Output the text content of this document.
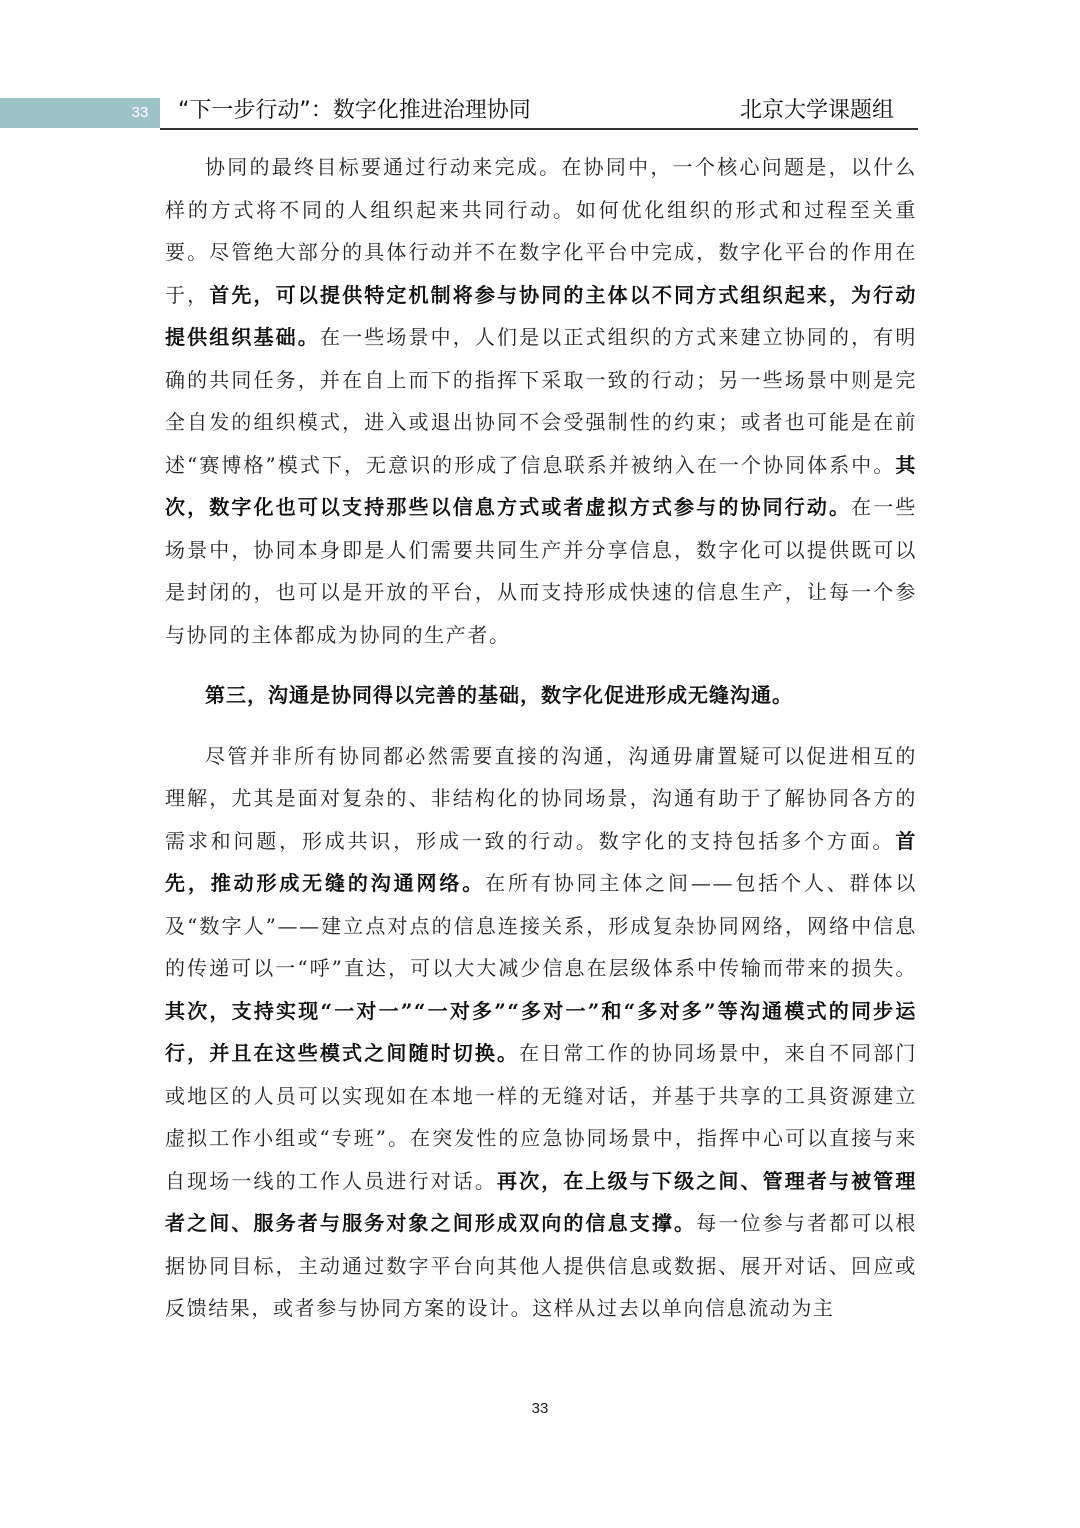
33	“下一步行动”：数字化推进治理协同	北京大学课题组

协同的最终目标要通过行动来完成。在协同中，一个核心问题是，以什么样的方式将不同的人组织起来共同行动。如何优化组织的形式和过程至关重要。尽管绝大部分的具体行动并不在数字化平台中完成，数字化平台的作用在于，首先，可以提供特定机制将参与协同的主体以不同方式组织起来，为行动提供组织基础。在一些场景中，人们是以正式组织的方式来建立协同的，有明确的共同任务，并在自上而下的指挥下采取一致的行动；另一些场景中则是完全自发的组织模式，进入或退出协同不会受强制性的约束；或者也可能是在前述“赛博格”模式下，无意识的形成了信息联系并被纳入在一个协同体系中。其次，数字化也可以支持那些以信息方式或者虚拟方式参与的协同行动。在一些场景中，协同本身即是人们需要共同生产并分享信息，数字化可以提供既可以是封闭的，也可以是开放的平台，从而支持形成快速的信息生产，让每一个参与协同的主体都成为协同的生产者。

第三，沟通是协同得以完善的基础，数字化促进形成无缝沟通。

尽管并非所有协同都必然需要直接的沟通，沟通毋庸置疑可以促进相互的理解，尤其是面对复杂的、非结构化的协同场景，沟通有助于了解协同各方的需求和问题，形成共识，形成一致的行动。数字化的支持包括多个方面。首先，推动形成无缝的沟通网络。在所有协同主体之间——包括个人、群体以及“数字人”——建立点对点的信息连接关系，形成复杂协同网络，网络中信息的传递可以一“呼”直达，可以大大减少信息在层级体系中传输而带来的损失。其次，支持实现“一对一”“一对多”“多对一”和“多对多”等沟通模式的同步运行，并且在这些模式之间随时切换。在日常工作的协同场景中，来自不同部门或地区的人员可以实现如在本地一样的无缝对话，并基于共享的工具资源建立虚拟工作小组或“专班”。在突发性的应急协同场景中，指挥中心可以直接与来自现场一线的工作人员进行对话。再次，在上级与下级之间、管理者与被管理者之间、服务者与服务对象之间形成双向的信息支撑。每一位参与者都可以根据协同目标，主动通过数字平台向其他人提供信息或数据、展开对话、回应或反馈结果，或者参与协同方案的设计。这样从过去以单向信息流动为主

33
